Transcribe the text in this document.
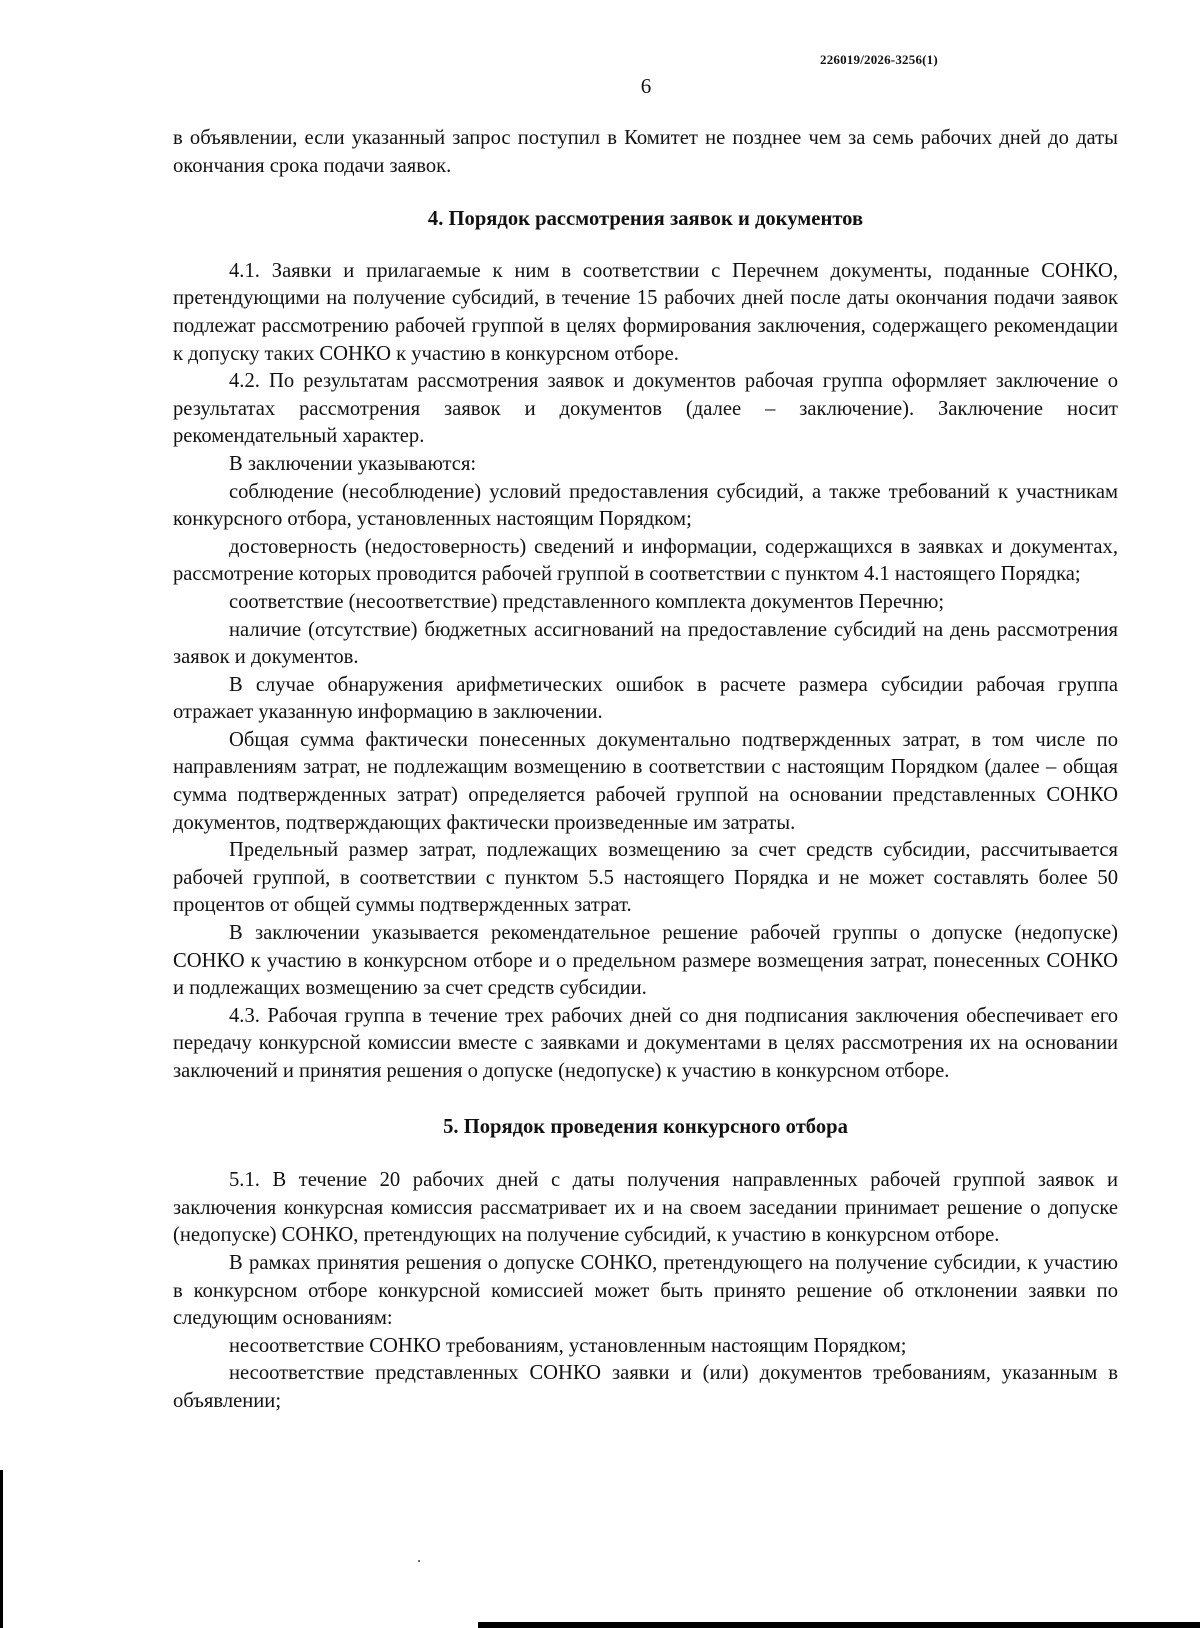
226019/2026-3256(1)
6

в объявлении, если указанный запрос поступил в Комитет не позднее чем за семь рабочих дней до даты окончания срока подачи заявок.

4. Порядок рассмотрения заявок и документов

4.1. Заявки и прилагаемые к ним в соответствии с Перечнем документы, поданные СОНКО, претендующими на получение субсидий, в течение 15 рабочих дней после даты окончания подачи заявок подлежат рассмотрению рабочей группой в целях формирования заключения, содержащего рекомендации к допуску таких СОНКО к участию в конкурсном отборе.

4.2. По результатам рассмотрения заявок и документов рабочая группа оформляет заключение о результатах рассмотрения заявок и документов (далее – заключение). Заключение носит рекомендательный характер.

В заключении указываются:

соблюдение (несоблюдение) условий предоставления субсидий, а также требований к участникам конкурсного отбора, установленных настоящим Порядком;

достоверность (недостоверность) сведений и информации, содержащихся в заявках и документах, рассмотрение которых проводится рабочей группой в соответствии с пунктом 4.1 настоящего Порядка;

соответствие (несоответствие) представленного комплекта документов Перечню;

наличие (отсутствие) бюджетных ассигнований на предоставление субсидий на день рассмотрения заявок и документов.

В случае обнаружения арифметических ошибок в расчете размера субсидии рабочая группа отражает указанную информацию в заключении.

Общая сумма фактически понесенных документально подтвержденных затрат, в том числе по направлениям затрат, не подлежащим возмещению в соответствии с настоящим Порядком (далее – общая сумма подтвержденных затрат) определяется рабочей группой на основании представленных СОНКО документов, подтверждающих фактически произведенные им затраты.

Предельный размер затрат, подлежащих возмещению за счет средств субсидии, рассчитывается рабочей группой, в соответствии с пунктом 5.5 настоящего Порядка и не может составлять более 50 процентов от общей суммы подтвержденных затрат.

В заключении указывается рекомендательное решение рабочей группы о допуске (недопуске) СОНКО к участию в конкурсном отборе и о предельном размере возмещения затрат, понесенных СОНКО и подлежащих возмещению за счет средств субсидии.

4.3. Рабочая группа в течение трех рабочих дней со дня подписания заключения обеспечивает его передачу конкурсной комиссии вместе с заявками и документами в целях рассмотрения их на основании заключений и принятия решения о допуске (недопуске) к участию в конкурсном отборе.

5. Порядок проведения конкурсного отбора

5.1. В течение 20 рабочих дней с даты получения направленных рабочей группой заявок и заключения конкурсная комиссия рассматривает их и на своем заседании принимает решение о допуске (недопуске) СОНКО, претендующих на получение субсидий, к участию в конкурсном отборе.

В рамках принятия решения о допуске СОНКО, претендующего на получение субсидии, к участию в конкурсном отборе конкурсной комиссией может быть принято решение об отклонении заявки по следующим основаниям:

несоответствие СОНКО требованиям, установленным настоящим Порядком;

несоответствие представленных СОНКО заявки и (или) документов требованиям, указанным в объявлении;
